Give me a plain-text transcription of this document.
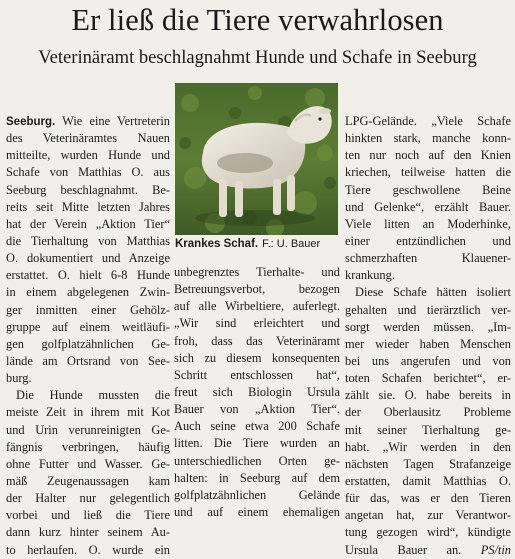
Er ließ die Tiere verwahrlosen
Veterinäramt beschlagnahmt Hunde und Schafe in Seeburg
Krankes Schaf. F.: U. Bauer
Seeburg. Wie eine Vertreterin
des Veterinäramtes Nauen
mitteilte, wurden Hunde und
Schafe von Matthias O. aus
Seeburg beschlagnahmt. Be-
reits seit Mitte letzten Jahres
hat der Verein „Aktion Tier“
die Tierhaltung von Matthias
O. dokumentiert und Anzeige
erstattet. O. hielt 6-8 Hunde
in einem abgelegenen Zwin-
ger inmitten einer Gehölz-
gruppe auf einem weitläufi-
gen golfplatzähnlichen Ge-
lände am Ortsrand von See-
burg.
Die Hunde mussten die
meiste Zeit in ihrem mit Kot
und Urin verunreinigten Ge-
fängnis verbringen, häufig
ohne Futter und Wasser. Ge-
mäß Zeugenaussagen kam
der Halter nur gelegentlich
vorbei und ließ die Tiere
dann kurz hinter seinem Au-
to herlaufen. O. wurde ein
unbegrenztes Tierhalte- und
Betreuungsverbot, bezogen
auf alle Wirbeltiere, auferlegt.
„Wir sind erleichtert und
froh, dass das Veterinäramt
sich zu diesem konsequenten
Schritt entschlossen hat“,
freut sich Biologin Ursula
Bauer von „Aktion Tier“.
Auch seine etwa 200 Schafe
litten. Die Tiere wurden an
unterschiedlichen Orten ge-
halten: in Seeburg auf dem
golfplatzähnlichen Gelände
und auf einem ehemaligen
LPG-Gelände. „Viele Schafe
hinkten stark, manche konn-
ten nur noch auf den Knien
kriechen, teilweise hatten die
Tiere geschwollene Beine
und Gelenke“, erzählt Bauer.
Viele litten an Moderhinke,
einer entzündlichen und
schmerzhaften Klauener-
krankung.
Diese Schafe hätten isoliert
gehalten und tierärztlich ver-
sorgt werden müssen. „Im-
mer wieder haben Menschen
bei uns angerufen und von
toten Schafen berichtet“, er-
zählt sie. O. habe bereits in
der Oberlausitz Probleme
mit seiner Tierhaltung ge-
habt. „Wir werden in den
nächsten Tagen Strafanzeige
erstatten, damit Matthias O.
für das, was er den Tieren
angetan hat, zur Verantwor-
tung gezogen wird“, kündigte
Ursula Bauer an. PS/tin
